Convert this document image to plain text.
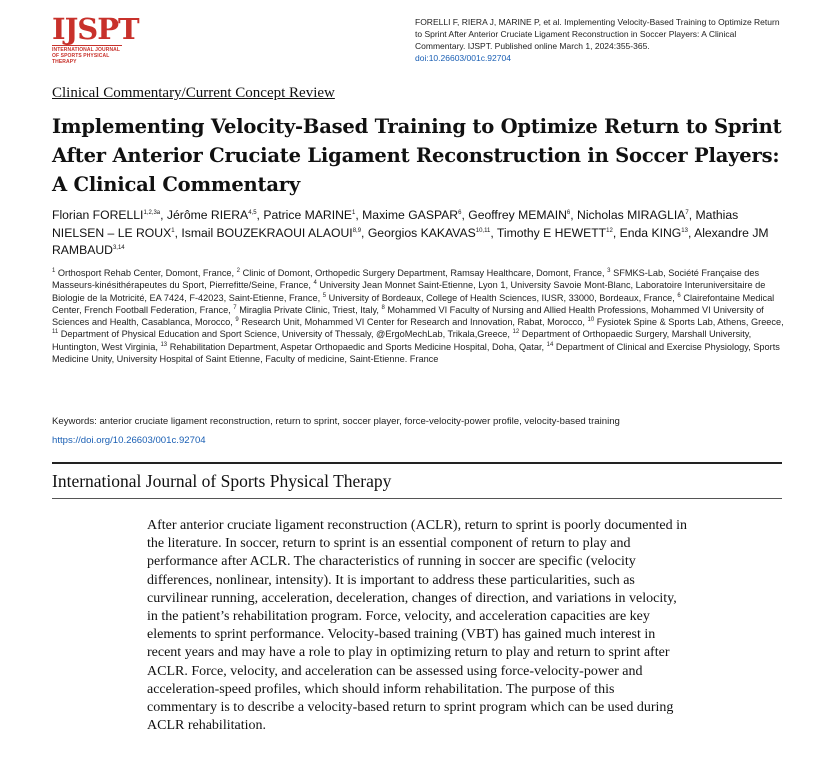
IJSPT
INTERNATIONAL JOURNAL OF SPORTS PHYSICAL THERAPY
FORELLI F, RIERA J, MARINE P, et al. Implementing Velocity-Based Training to Optimize Return to Sprint After Anterior Cruciate Ligament Reconstruction in Soccer Players: A Clinical Commentary. IJSPT. Published online March 1, 2024:355-365.
doi:10.26603/001c.92704
Clinical Commentary/Current Concept Review
Implementing Velocity-Based Training to Optimize Return to Sprint After Anterior Cruciate Ligament Reconstruction in Soccer Players: A Clinical Commentary
Florian $FORELLI^{1,2,3a}$, Jérôme RIERA$^{4,5}$, Patrice MARINE$^1$, Maxime GASPAR$^6$, Geoffrey MEMAIN$^6$, Nicholas MIRAGLIA$^7$, Mathias NIELSEN – LE ROUX$^1$, Ismail BOUZEKRAOUI ALAOUI$^{8,9}$, Georgios KAKAVAS$^{10,11}$, Timothy E HEWETT$^{12}$, Enda KING$^{13}$, Alexandre JM RAMBAUD$^{3,14}$
$^1$ Orthosport Rehab Center, Domont, France, $^2$ Clinic of Domont, Orthopedic Surgery Department, Ramsay Healthcare, Domont, France, $^3$ SFMKS-Lab, Société Française des Masseurs-kinésithérapeutes du Sport, Pierrefitte/Seine, France, $^4$ University Jean Monnet Saint-Etienne, Lyon 1, University Savoie Mont-Blanc, Laboratoire Interuniversitaire de Biologie de la Motricité, EA 7424, F-42023, Saint-Etienne, France, $^5$ University of Bordeaux, College of Health Sciences, IUSR, 33000, Bordeaux, France, $^6$ Clairefontaine Medical Center, French Football Federation, France, $^7$ Miraglia Private Clinic, Triest, Italy, $^8$ Mohammed VI Faculty of Nursing and Allied Health Professions, Mohammed VI University of Sciences and Health, Casablanca, Morocco, $^9$ Research Unit, Mohammed VI Center for Research and Innovation, Rabat, Morocco, $^{10}$ Fysiotek Spine & Sports Lab, Athens, Greece, $^{11}$ Department of Physical Education and Sport Science, University of Thessaly, @ErgoMechLab, Trikala,Greece, $^{12}$ Department of Orthopaedic Surgery, Marshall University, Huntington, West Virginia, $^{13}$ Rehabilitation Department, Aspetar Orthopaedic and Sports Medicine Hospital, Doha, Qatar, $^{14}$ Department of Clinical and Exercise Physiology, Sports Medicine Unity, University Hospital of Saint Etienne, Faculty of medicine, Saint-Etienne. France
Keywords: anterior cruciate ligament reconstruction, return to sprint, soccer player, force-velocity-power profile, velocity-based training
https://doi.org/10.26603/001c.92704
International Journal of Sports Physical Therapy
After anterior cruciate ligament reconstruction (ACLR), return to sprint is poorly documented in the literature. In soccer, return to sprint is an essential component of return to play and performance after ACLR. The characteristics of running in soccer are specific (velocity differences, nonlinear, intensity). It is important to address these particularities, such as curvilinear running, acceleration, deceleration, changes of direction, and variations in velocity, in the patient’s rehabilitation program. Force, velocity, and acceleration capacities are key elements to sprint performance. Velocity-based training (VBT) has gained much interest in recent years and may have a role to play in optimizing return to play and return to sprint after ACLR. Force, velocity, and acceleration can be assessed using force-velocity-power and acceleration-speed profiles, which should inform rehabilitation. The purpose of this commentary is to describe a velocity-based return to sprint program which can be used during ACLR rehabilitation.
